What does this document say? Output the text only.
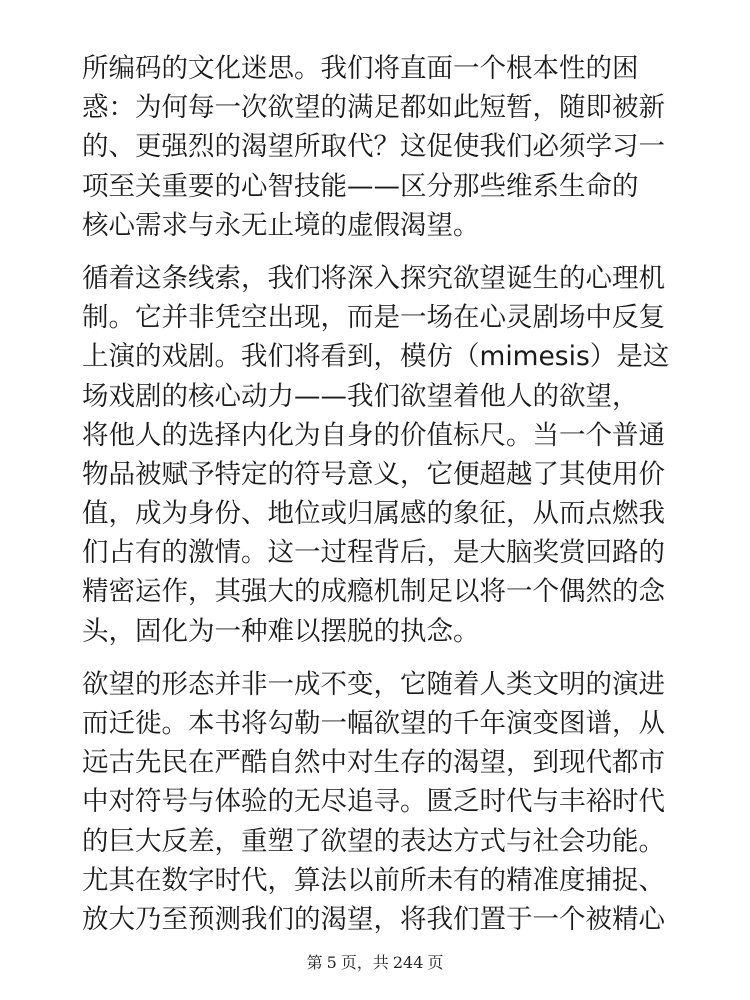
所编码的文化迷思。我们将直面一个根本性的困
惑：为何每一次欲望的满足都如此短暂，随即被新
的、更强烈的渴望所取代？这促使我们必须学习一
项至关重要的心智技能——区分那些维系生命的
核心需求与永无止境的虚假渴望。

循着这条线索，我们将深入探究欲望诞生的心理机
制。它并非凭空出现，而是一场在心灵剧场中反复
上演的戏剧。我们将看到，模仿（mimesis）是这
场戏剧的核心动力——我们欲望着他人的欲望，
将他人的选择内化为自身的价值标尺。当一个普通
物品被赋予特定的符号意义，它便超越了其使用价
值，成为身份、地位或归属感的象征，从而点燃我
们占有的激情。这一过程背后，是大脑奖赏回路的
精密运作，其强大的成瘾机制足以将一个偶然的念
头，固化为一种难以摆脱的执念。

欲望的形态并非一成不变，它随着人类文明的演进
而迁徙。本书将勾勒一幅欲望的千年演变图谱，从
远古先民在严酷自然中对生存的渴望，到现代都市
中对符号与体验的无尽追寻。匮乏时代与丰裕时代
的巨大反差，重塑了欲望的表达方式与社会功能。
尤其在数字时代，算法以前所未有的精准度捕捉、
放大乃至预测我们的渴望，将我们置于一个被精心

第 5 页，共 244 页
